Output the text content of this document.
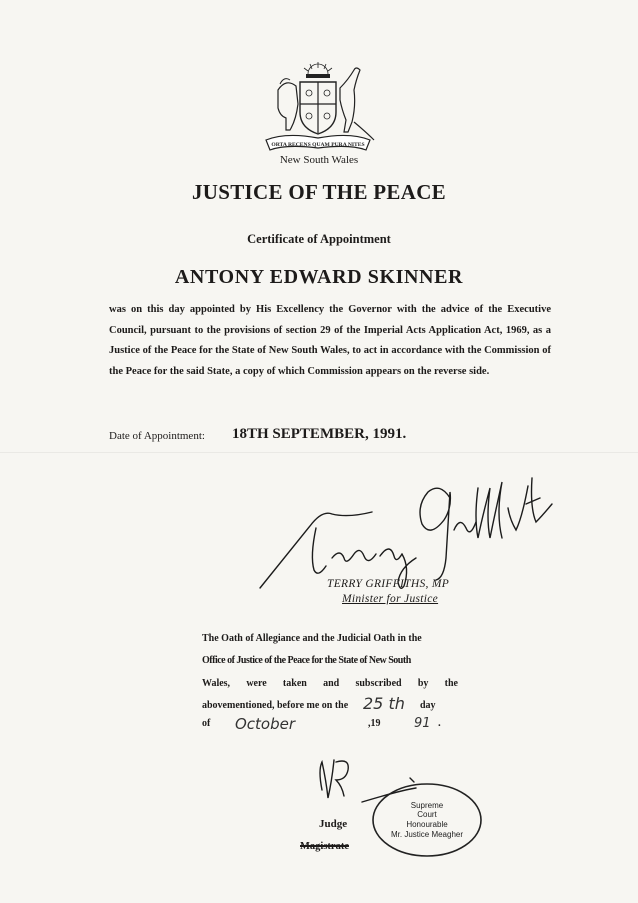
ORTA RECENS QUAM PURA NITES
New South Wales
JUSTICE OF THE PEACE
Certificate of Appointment
ANTONY EDWARD SKINNER
was on this day appointed by His Excellency the Governor with the advice of the Executive Council, pursuant to the provisions of section 29 of the Imperial Acts Application Act, 1969, as a Justice of the Peace for the State of New South Wales, to act in accordance with the Commission of the Peace for the said State, a copy of which Commission appears on the reverse side.
Date of Appointment: 18TH SEPTEMBER, 1991.
TERRY GRIFFITHS, MP
Minister for Justice
The Oath of Allegiance and the Judicial Oath in the
Office of Justice of the Peace for the State of New South
Wales, were taken and subscribed by the
abovementioned, before me on the 25 th day
of October	,19	91 .
Judge
Magistrate
Supreme
Court
Honourable
Mr. Justice Meagher
